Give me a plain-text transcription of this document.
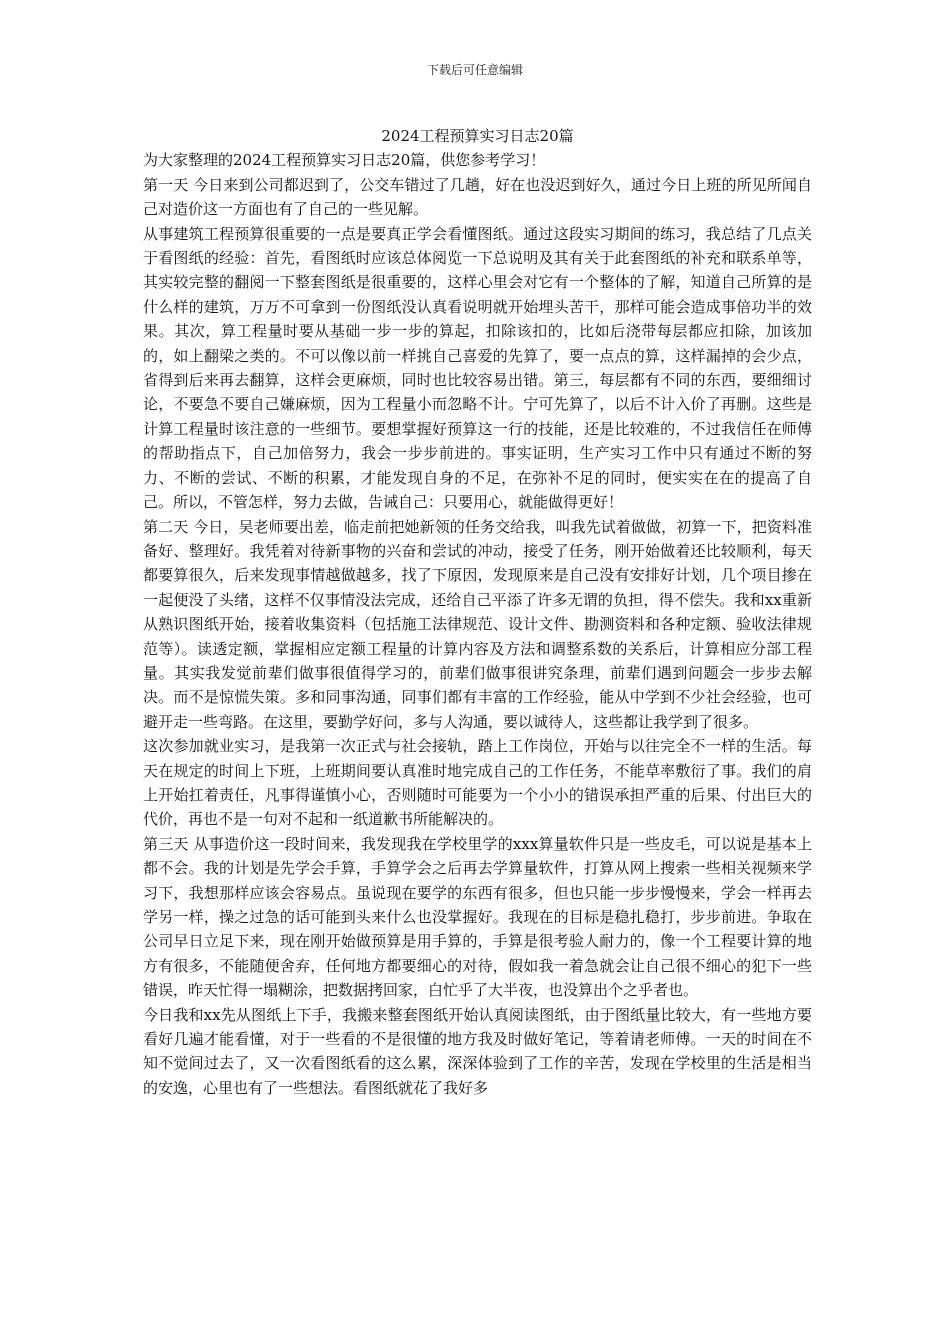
下载后可任意编辑
2024工程预算实习日志20篇

为大家整理的2024工程预算实习日志20篇，供您参考学习！

第一天 今日来到公司都迟到了，公交车错过了几趟，好在也没迟到好久，通过今日上班的所见所闻自己对造价这一方面也有了自己的一些见解。

从事建筑工程预算很重要的一点是要真正学会看懂图纸。通过这段实习期间的练习，我总结了几点关于看图纸的经验：首先，看图纸时应该总体阅览一下总说明及其有关于此套图纸的补充和联系单等，其实较完整的翻阅一下整套图纸是很重要的，这样心里会对它有一个整体的了解，知道自己所算的是什么样的建筑，万万不可拿到一份图纸没认真看说明就开始埋头苦干，那样可能会造成事倍功半的效果。其次，算工程量时要从基础一步一步的算起，扣除该扣的，比如后浇带每层都应扣除，加该加的，如上翻梁之类的。不可以像以前一样挑自己喜爱的先算了，要一点点的算，这样漏掉的会少点，省得到后来再去翻算，这样会更麻烦，同时也比较容易出错。第三，每层都有不同的东西，要细细讨论，不要急不要自己嫌麻烦，因为工程量小而忽略不计。宁可先算了，以后不计入价了再删。这些是计算工程量时该注意的一些细节。要想掌握好预算这一行的技能，还是比较难的，不过我信任在师傅的帮助指点下，自己加倍努力，我会一步步前进的。事实证明，生产实习工作中只有通过不断的努力、不断的尝试、不断的积累，才能发现自身的不足，在弥补不足的同时，便实实在在的提高了自己。所以，不管怎样，努力去做，告诫自己：只要用心，就能做得更好！

第二天 今日，吴老师要出差，临走前把她新领的任务交给我，叫我先试着做做，初算一下，把资料准备好、整理好。我凭着对待新事物的兴奋和尝试的冲动，接受了任务，刚开始做着还比较顺利，每天都要算很久，后来发现事情越做越多，找了下原因，发现原来是自己没有安排好计划，几个项目掺在一起便没了头绪，这样不仅事情没法完成，还给自己平添了许多无谓的负担，得不偿失。我和xx重新从熟识图纸开始，接着收集资料（包括施工法律规范、设计文件、勘测资料和各种定额、验收法律规范等）。读透定额，掌握相应定额工程量的计算内容及方法和调整系数的关系后，计算相应分部工程量。其实我发觉前辈们做事很值得学习的，前辈们做事很讲究条理，前辈们遇到问题会一步步去解决。而不是惊慌失策。多和同事沟通，同事们都有丰富的工作经验，能从中学到不少社会经验，也可避开走一些弯路。在这里，要勤学好问，多与人沟通，要以诚待人，这些都让我学到了很多。

这次参加就业实习，是我第一次正式与社会接轨，踏上工作岗位，开始与以往完全不一样的生活。每天在规定的时间上下班，上班期间要认真准时地完成自己的工作任务，不能草率敷衍了事。我们的肩上开始扛着责任，凡事得谨慎小心，否则随时可能要为一个小小的错误承担严重的后果、付出巨大的代价，再也不是一句对不起和一纸道歉书所能解决的。

第三天 从事造价这一段时间来，我发现我在学校里学的xxx算量软件只是一些皮毛，可以说是基本上都不会。我的计划是先学会手算，手算学会之后再去学算量软件，打算从网上搜索一些相关视频来学习下，我想那样应该会容易点。虽说现在要学的东西有很多，但也只能一步步慢慢来，学会一样再去学另一样，操之过急的话可能到头来什么也没掌握好。我现在的目标是稳扎稳打，步步前进。争取在公司早日立足下来，现在刚开始做预算是用手算的，手算是很考验人耐力的，像一个工程要计算的地方有很多，不能随便舍弃，任何地方都要细心的对待，假如我一着急就会让自己很不细心的犯下一些错误，昨天忙得一塌糊涂，把数据拷回家，白忙乎了大半夜，也没算出个之乎者也。

今日我和xx先从图纸上下手，我搬来整套图纸开始认真阅读图纸，由于图纸量比较大，有一些地方要看好几遍才能看懂，对于一些看的不是很懂的地方我及时做好笔记，等着请老师傅。一天的时间在不知不觉间过去了，又一次看图纸看的这么累，深深体验到了工作的辛苦，发现在学校里的生活是相当的安逸，心里也有了一些想法。看图纸就花了我好多
